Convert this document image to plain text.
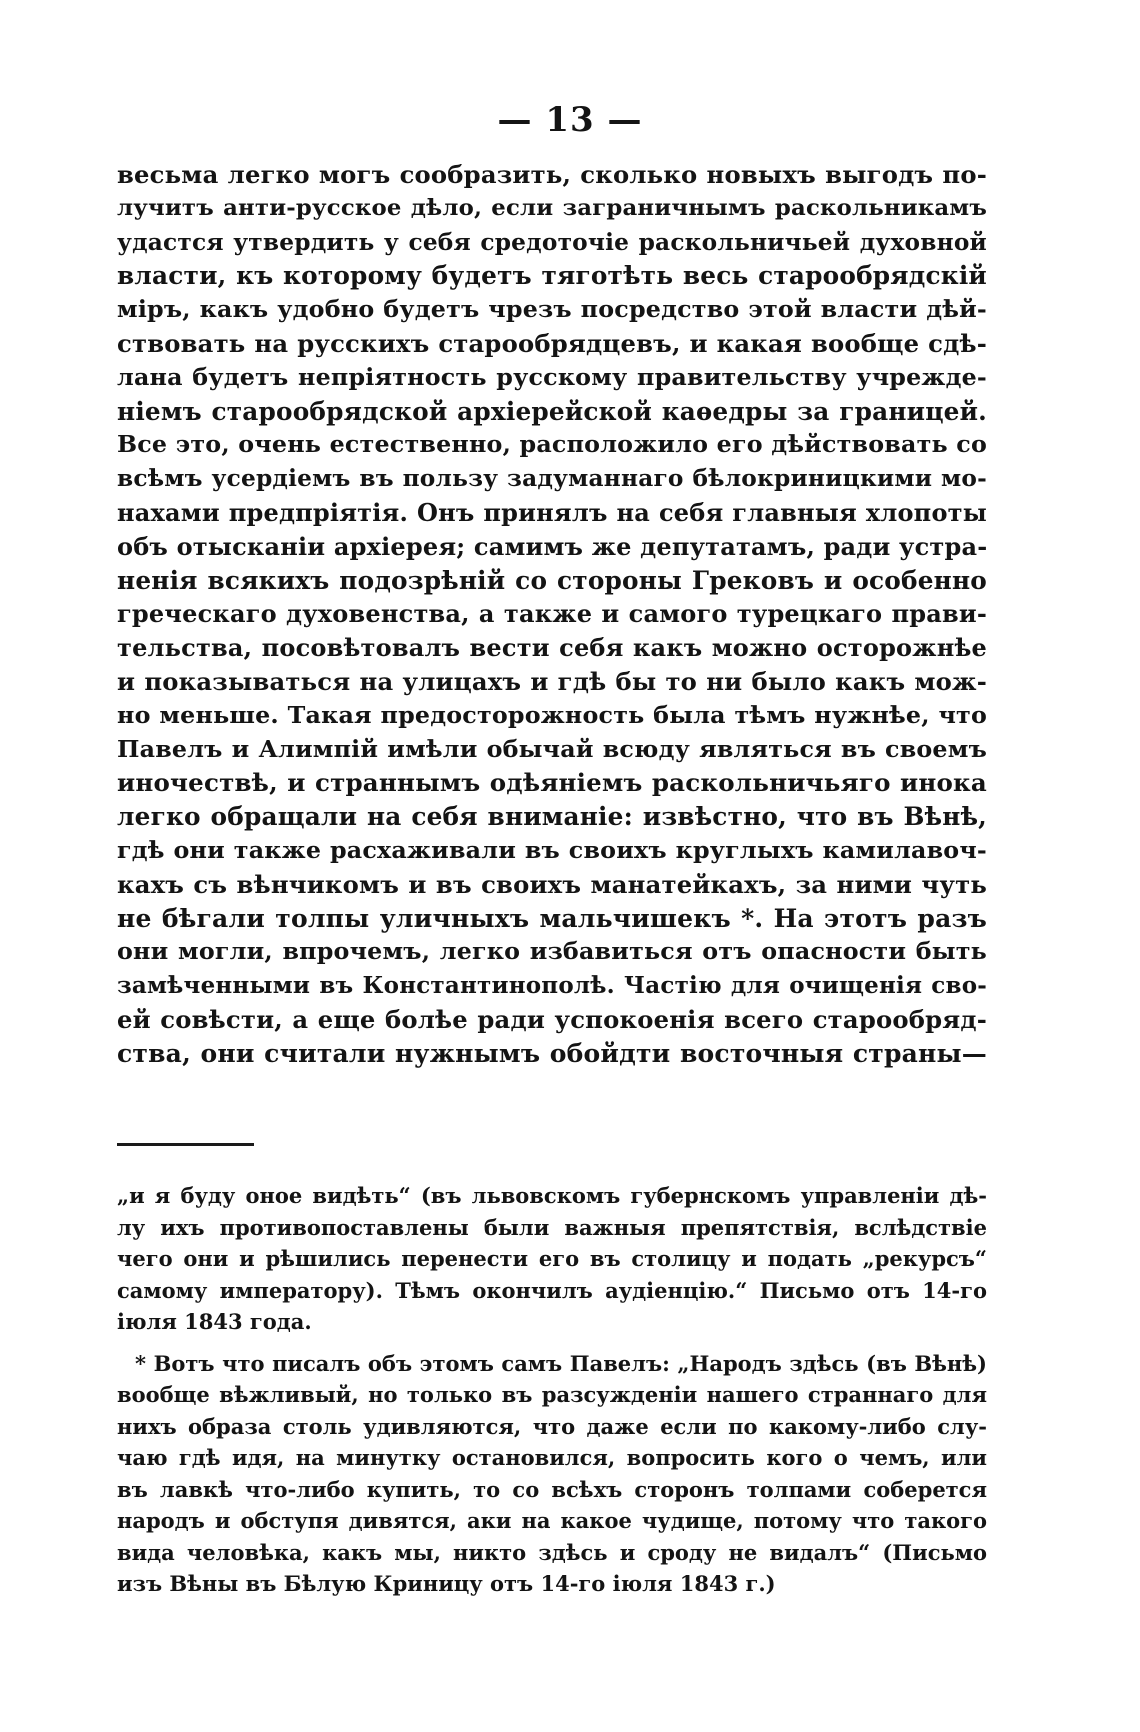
— 13 —
весьма легко могъ сообразить, сколько новыхъ выгодъ по-
лучитъ анти-русское дѣло, если заграничнымъ раскольникамъ
удастся утвердить у себя средоточіе раскольничьей духовной
власти, къ которому будетъ тяготѣть весь старообрядскій
міръ, какъ удобно будетъ чрезъ посредство этой власти дѣй-
ствовать на русскихъ старообрядцевъ, и какая вообще сдѣ-
лана будетъ непріятность русскому правительству учрежде-
ніемъ старообрядской архіерейской каѳедры за границей.
Все это, очень естественно, расположило его дѣйствовать со
всѣмъ усердіемъ въ пользу задуманнаго бѣлокриницкими мо-
нахами предпріятія. Онъ принялъ на себя главныя хлопоты
объ отысканіи архіерея; самимъ же депутатамъ, ради устра-
ненія всякихъ подозрѣній со стороны Грековъ и особенно
греческаго духовенства, а также и самого турецкаго прави-
тельства, посовѣтовалъ вести себя какъ можно осторожнѣе
и показываться на улицахъ и гдѣ бы то ни было какъ мож-
но меньше. Такая предосторожность была тѣмъ нужнѣе, что
Павелъ и Алимпій имѣли обычай всюду являться въ своемъ
иночествѣ, и страннымъ одѣяніемъ раскольничьяго инока
легко обращали на себя вниманіе: извѣстно, что въ Вѣнѣ,
гдѣ они также расхаживали въ своихъ круглыхъ камилавоч-
кахъ съ вѣнчикомъ и въ своихъ манатейкахъ, за ними чуть
не бѣгали толпы уличныхъ мальчишекъ *. На этотъ разъ
они могли, впрочемъ, легко избавиться отъ опасности быть
замѣченными въ Константинополѣ. Частію для очищенія сво-
ей совѣсти, а еще болѣе ради успокоенія всего старообряд-
ства, они считали нужнымъ обойдти восточныя страны—
„и я буду оное видѣть“ (въ львовскомъ губернскомъ управленіи дѣ-
лу ихъ противопоставлены были важныя препятствія, вслѣдствіе
чего они и рѣшились перенести его въ столицу и подать „рекурсъ“
самому императору). Тѣмъ окончилъ аудіенцію.“ Письмо отъ 14-го
іюля 1843 года.
* Вотъ что писалъ объ этомъ самъ Павелъ: „Народъ здѣсь (въ Вѣнѣ)
вообще вѣжливый, но только въ разсужденіи нашего страннаго для
нихъ образа столь удивляются, что даже если по какому-либо слу-
чаю гдѣ идя, на минутку остановился, вопросить кого о чемъ, или
въ лавкѣ что-либо купить, то со всѣхъ сторонъ толпами соберется
народъ и обступя дивятся, аки на какое чудище, потому что такого
вида человѣка, какъ мы, никто здѣсь и сроду не видалъ“ (Письмо
изъ Вѣны въ Бѣлую Криницу отъ 14-го іюля 1843 г.)
